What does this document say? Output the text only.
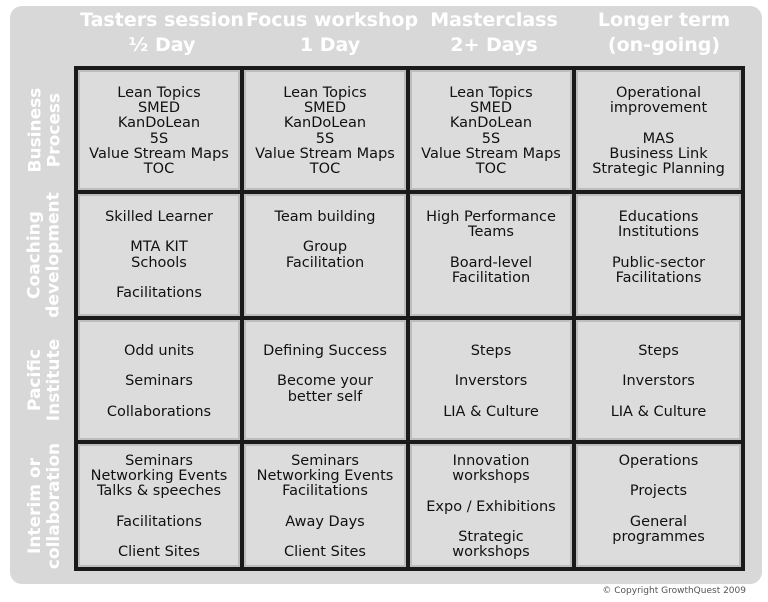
Tasters session
½ Day
Focus workshop
1 Day
Masterclass
2+ Days
Longer term
(on-going)
Business Process
Coaching development
Pacific Institute
Interim or collaboration
Lean Topics
SMED
KanDoLean
5S
Value Stream Maps
TOC
Lean Topics
SMED
KanDoLean
5S
Value Stream Maps
TOC
Lean Topics
SMED
KanDoLean
5S
Value Stream Maps
TOC
Operational
improvement
MAS
Business Link
Strategic Planning
Skilled Learner
MTA KIT
Schools
Facilitations
Team building
Group
Facilitation
High Performance
Teams
Board-level
Facilitation
Educations
Institutions
Public-sector
Facilitations
Odd units
Seminars
Collaborations
Defining Success
Become your
better self
Steps
Inverstors
LIA & Culture
Steps
Inverstors
LIA & Culture
Seminars
Networking Events
Talks & speeches
Facilitations
Client Sites
Seminars
Networking Events
Facilitations
Away Days
Client Sites
Innovation
workshops
Expo / Exhibitions
Strategic
workshops
Operations
Projects
General
programmes
© Copyright GrowthQuest 2009
